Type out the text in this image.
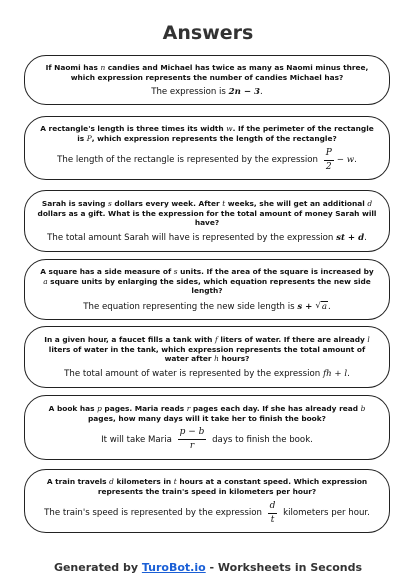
Answers
If Naomi has n candies and Michael has twice as many as Naomi minus three, which expression represents the number of candies Michael has?
The expression is 2n − 3 .
A rectangle's length is three times its width w. If the perimeter of the rectangle is P, which expression represents the length of the rectangle?
The length of the rectangle is represented by the expression $\frac{P}{2} - w$ .
Sarah is saving s dollars every week. After t weeks, she will get an additional d dollars as a gift. What is the expression for the total amount of money Sarah will have?
The total amount Sarah will have is represented by the expression st + d .
A square has a side measure of s units. If the area of the square is increased by a square units by enlarging the sides, which equation represents the new side length?
The equation representing the new side length is s + √ a .
In a given hour, a faucet fills a tank with f liters of water. If there are already l liters of water in the tank, which expression represents the total amount of water after h hours?
The total amount of water is represented by the expression fh + l .
A book has p pages. Maria reads r pages each day. If she has already read b pages, how many days will it take her to finish the book?
It will take Maria $\frac{p - b}{r}$ days to finish the book.
A train travels d kilometers in t hours at a constant speed. Which expression represents the train's speed in kilometers per hour?
The train's speed is represented by the expression $\frac{d}{t}$ kilometers per hour.
Generated by TuroBot.io - Worksheets in Seconds
